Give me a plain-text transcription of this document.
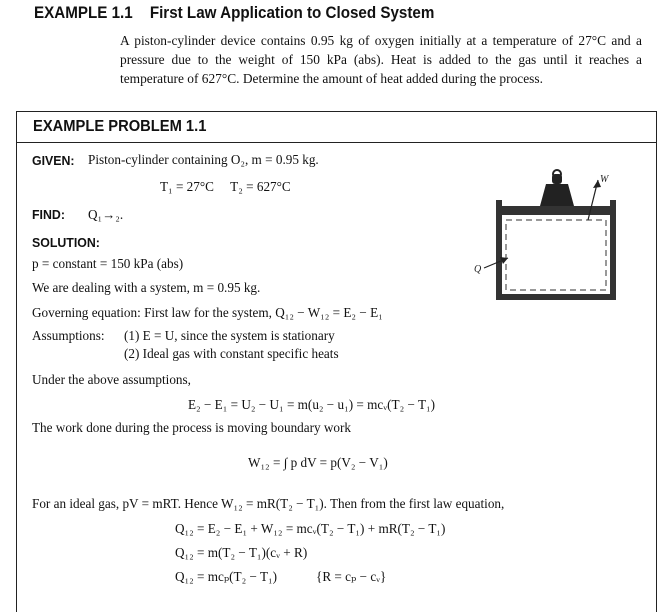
EXAMPLE 1.1 First Law Application to Closed System
A piston-cylinder device contains 0.95 kg of oxygen initially at a temperature of 27°C and a pressure due to the weight of 150 kPa (abs). Heat is added to the gas until it reaches a temperature of 627°C. Determine the amount of heat added during the process.
EXAMPLE PROBLEM 1.1
GIVEN: Piston-cylinder containing O₂, m = 0.95 kg.
T₁ = 27°C     T₂ = 627°C
FIND: Q₁→₂.
SOLUTION:
p = constant = 150 kPa (abs)
We are dealing with a system, m = 0.95 kg.
Governing equation: First law for the system, Q₁₂ − W₁₂ = E₂ − E₁
Assumptions: (1) E = U, since the system is stationary
(2) Ideal gas with constant specific heats
Under the above assumptions,
E₂ − E₁ = U₂ − U₁ = m(u₂ − u₁) = mcᵥ(T₂ − T₁)
The work done during the process is moving boundary work
W₁₂ = ∫ p dV = p(V₂ − V₁)
For an ideal gas, pV = mRT. Hence W₁₂ = mR(T₂ − T₁). Then from the first law equation,
Q₁₂ = E₂ − E₁ + W₁₂ = mcᵥ(T₂ − T₁) + mR(T₂ − T₁)
Q₁₂ = m(T₂ − T₁)(cᵥ + R)
Q₁₂ = mcₚ(T₂ − T₁)	{R = cₚ − cᵥ}
W
Q
